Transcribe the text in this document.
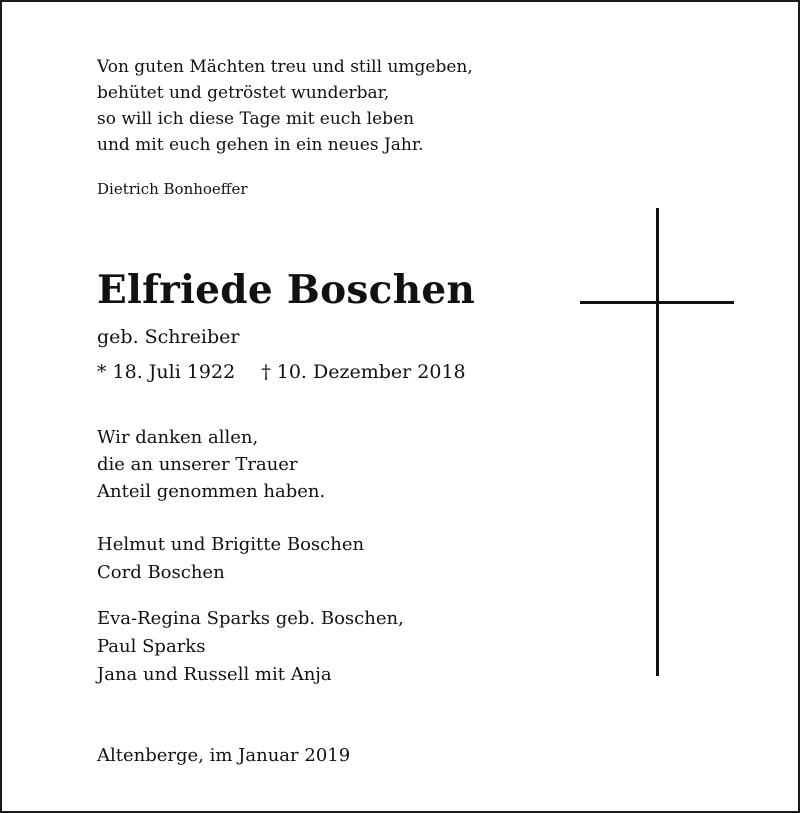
Von guten Mächten treu und still umgeben,
behütet und getröstet wunderbar,
so will ich diese Tage mit euch leben
und mit euch gehen in ein neues Jahr.
Dietrich Bonhoeffer
Elfriede Boschen
geb. Schreiber
* 18. Juli 1922 † 10. Dezember 2018
Wir danken allen,
die an unserer Trauer
Anteil genommen haben.
Helmut und Brigitte Boschen
Cord Boschen
Eva-Regina Sparks geb. Boschen,
Paul Sparks
Jana und Russell mit Anja
Altenberge, im Januar 2019
